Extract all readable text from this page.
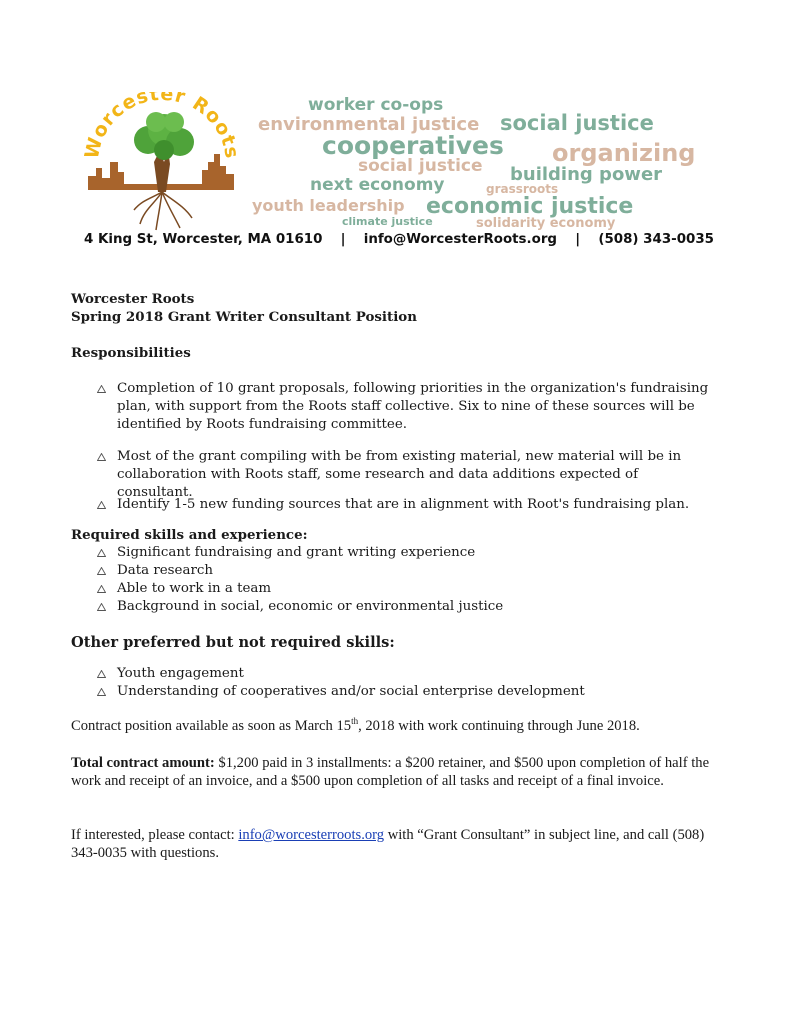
orcester Roots
worker co-ops
environmental justice social justice
cooperatives organizing
social justice building power
next economy	grassroots
youth leadership economic justice
climate justice	solidarity economy
4 King St, Worcester, MA 01610 | info@WorcesterRoots.org | (508) 343-0035
Worcester Roots
Spring 2018 Grant Writer Consultant Position
Responsibilities
Completion of 10 grant proposals, following priorities in the organization's fundraising plan, with support from the Roots staff collective. Six to nine of these sources will be identified by Roots fundraising committee.
Most of the grant compiling with be from existing material, new material will be in collaboration with Roots staff, some research and data additions expected of consultant.
Identify 1-5 new funding sources that are in alignment with Root's fundraising plan.
Required skills and experience:
Significant fundraising and grant writing experience
Data research
Able to work in a team
Background in social, economic or environmental justice
Other preferred but not required skills:
Youth engagement
Understanding of cooperatives and/or social enterprise development
Contract position available as soon as March 15th, 2018 with work continuing through June 2018.
Total contract amount: $1,200 paid in 3 installments: a $200 retainer, and $500 upon completion of half the work and receipt of an invoice, and a $500 upon completion of all tasks and receipt of a final invoice.
If interested, please contact: info@worcesterroots.org with “Grant Consultant” in subject line, and call (508) 343-0035 with questions.
